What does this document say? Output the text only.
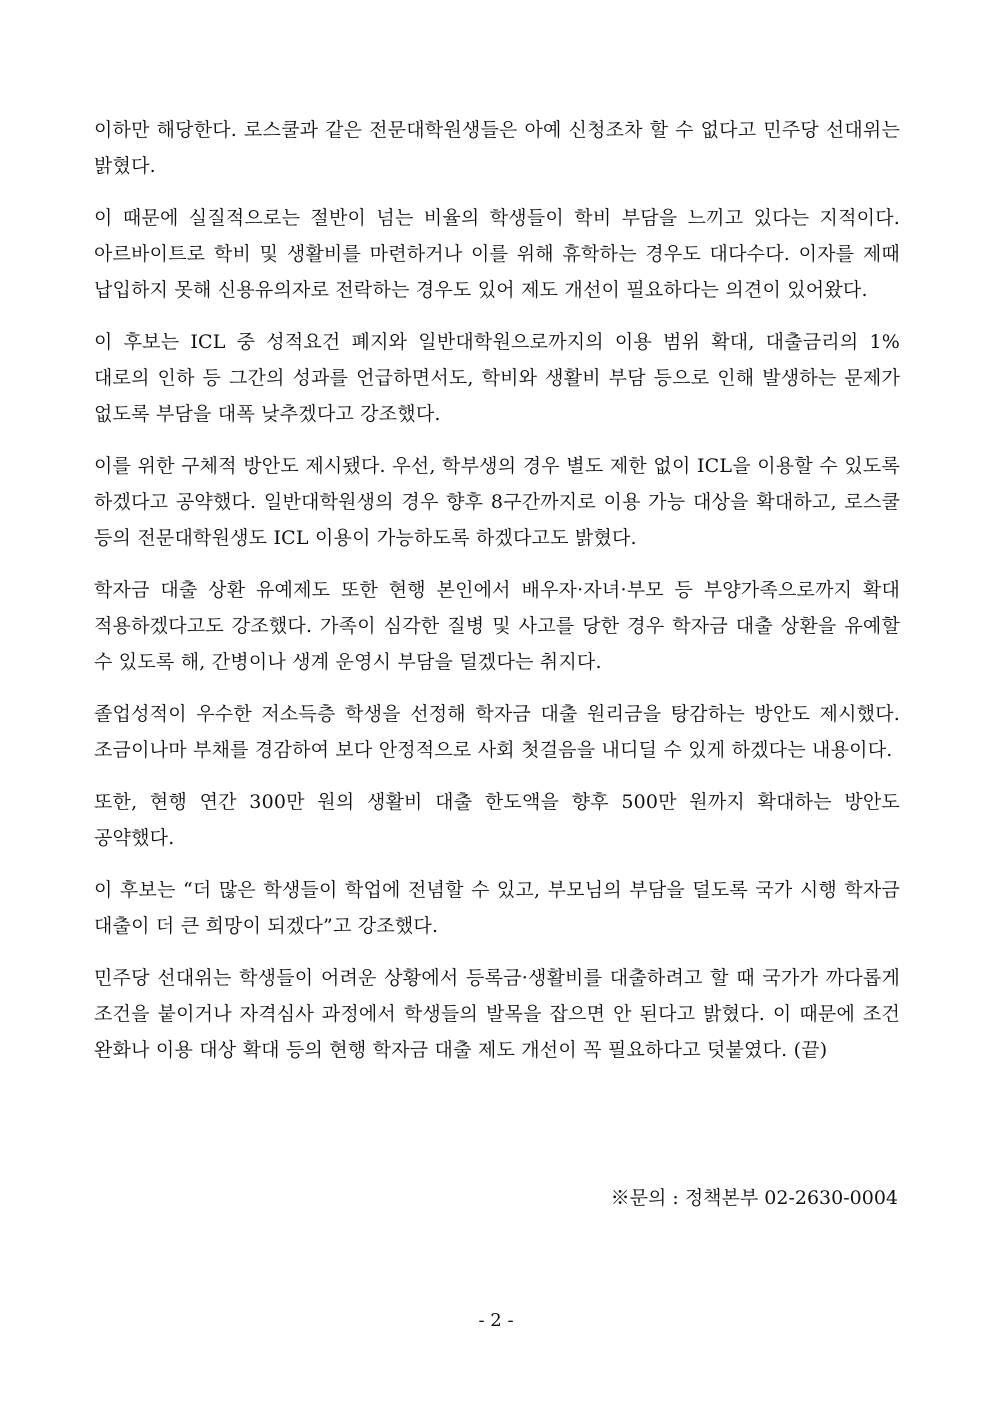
이하만 해당한다. 로스쿨과 같은 전문대학원생들은 아예 신청조차 할 수 없다고 민주당 선대위는 밝혔다.

이 때문에 실질적으로는 절반이 넘는 비율의 학생들이 학비 부담을 느끼고 있다는 지적이다. 아르바이트로 학비 및 생활비를 마련하거나 이를 위해 휴학하는 경우도 대다수다. 이자를 제때 납입하지 못해 신용유의자로 전락하는 경우도 있어 제도 개선이 필요하다는 의견이 있어왔다.

이 후보는 ICL 중 성적요건 폐지와 일반대학원으로까지의 이용 범위 확대, 대출금리의 1%대로의 인하 등 그간의 성과를 언급하면서도, 학비와 생활비 부담 등으로 인해 발생하는 문제가 없도록 부담을 대폭 낮추겠다고 강조했다.

이를 위한 구체적 방안도 제시됐다. 우선, 학부생의 경우 별도 제한 없이 ICL을 이용할 수 있도록 하겠다고 공약했다. 일반대학원생의 경우 향후 8구간까지로 이용 가능 대상을 확대하고, 로스쿨 등의 전문대학원생도 ICL 이용이 가능하도록 하겠다고도 밝혔다.

학자금 대출 상환 유예제도 또한 현행 본인에서 배우자·자녀·부모 등 부양가족으로까지 확대 적용하겠다고도 강조했다. 가족이 심각한 질병 및 사고를 당한 경우 학자금 대출 상환을 유예할 수 있도록 해, 간병이나 생계 운영시 부담을 덜겠다는 취지다.

졸업성적이 우수한 저소득층 학생을 선정해 학자금 대출 원리금을 탕감하는 방안도 제시했다. 조금이나마 부채를 경감하여 보다 안정적으로 사회 첫걸음을 내디딜 수 있게 하겠다는 내용이다.

또한, 현행 연간 300만 원의 생활비 대출 한도액을 향후 500만 원까지 확대하는 방안도 공약했다.

이 후보는 “더 많은 학생들이 학업에 전념할 수 있고, 부모님의 부담을 덜도록 국가 시행 학자금 대출이 더 큰 희망이 되겠다”고 강조했다.

민주당 선대위는 학생들이 어려운 상황에서 등록금·생활비를 대출하려고 할 때 국가가 까다롭게 조건을 붙이거나 자격심사 과정에서 학생들의 발목을 잡으면 안 된다고 밝혔다. 이 때문에 조건 완화나 이용 대상 확대 등의 현행 학자금 대출 제도 개선이 꼭 필요하다고 덧붙였다. (끝)

※문의 : 정책본부 02-2630-0004
- 2 -
